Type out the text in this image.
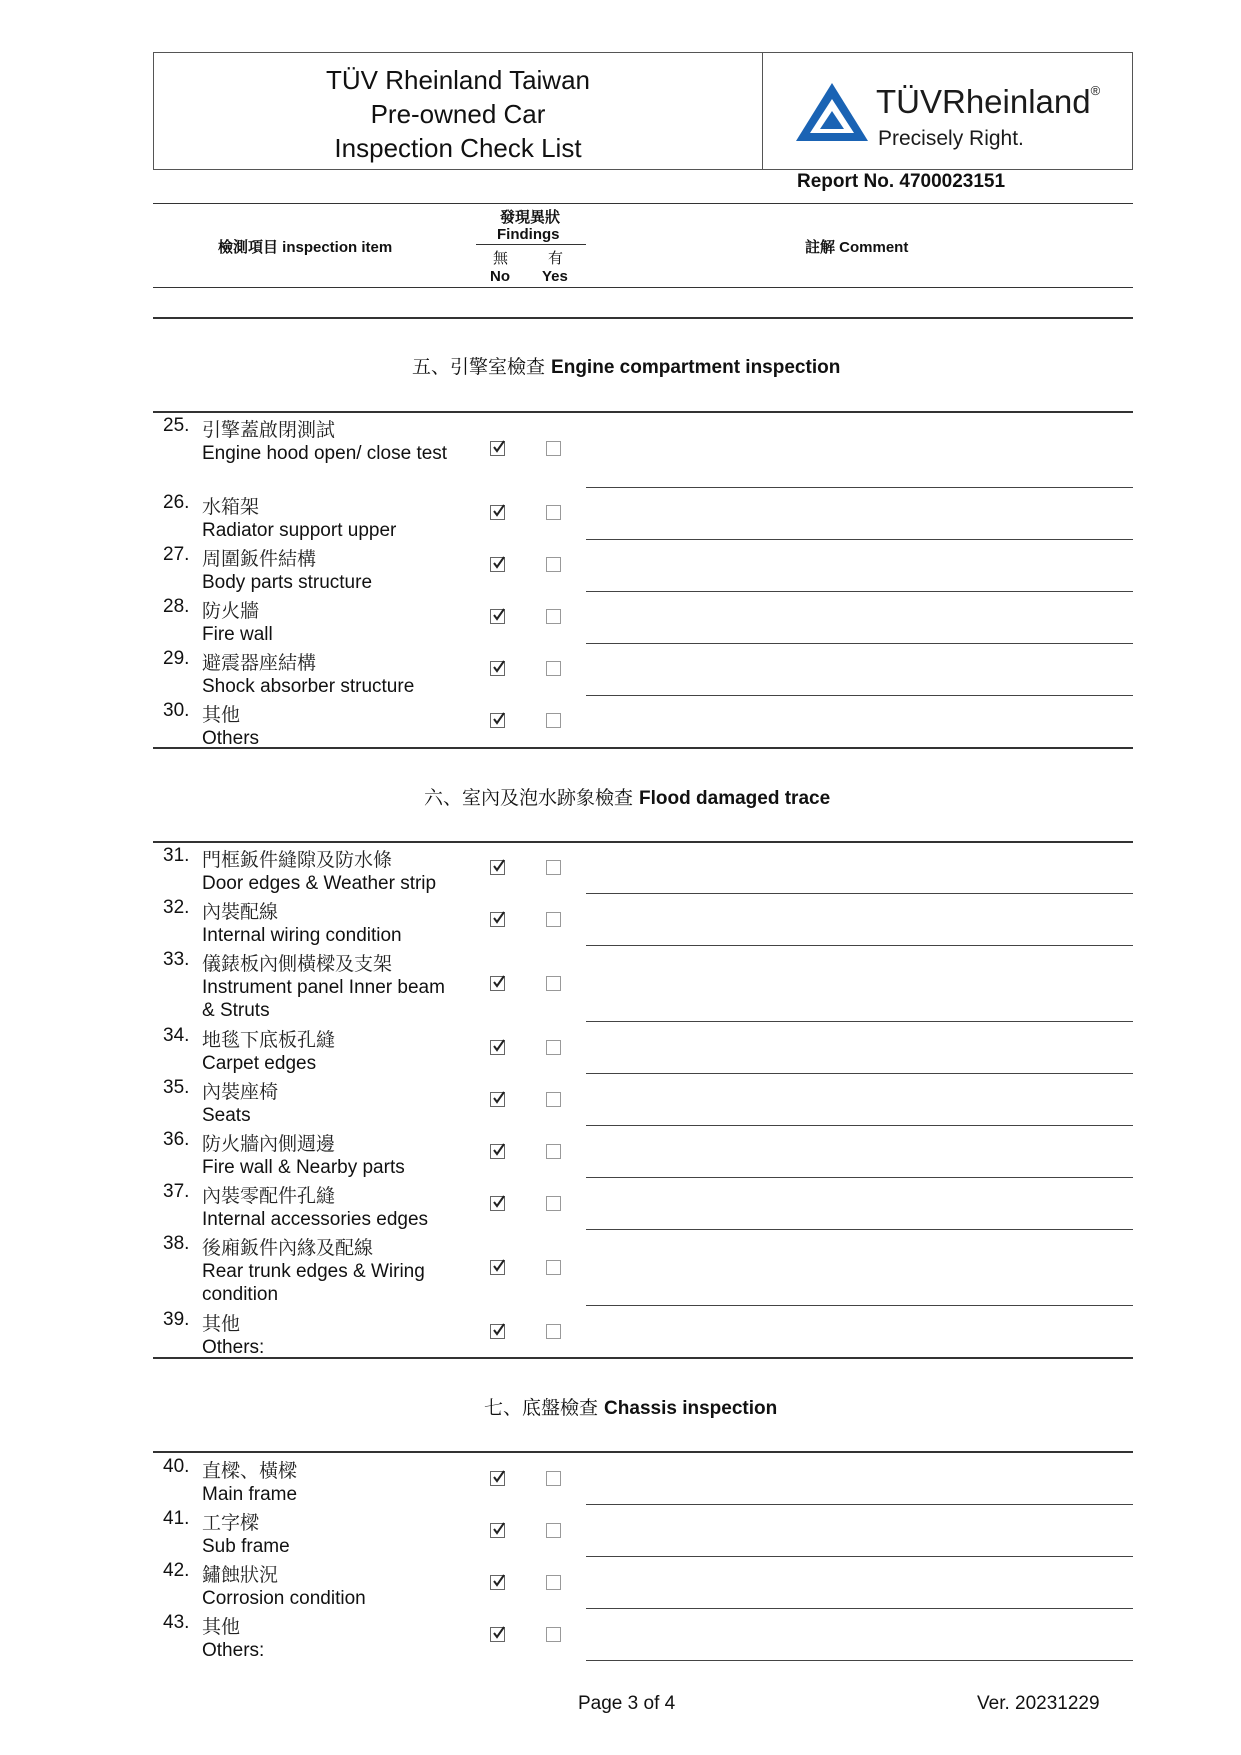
TÜV Rheinland Taiwan
Pre-owned Car
Inspection Check List
TÜVRheinland®
Precisely Right.
Report No. 4700023151
檢測項目 inspection item
發現異狀
Findings
無	有
No Yes
註解 Comment
五、引擎室檢查 Engine compartment inspection
25. 引擎蓋啟閉測試
Engine hood open/ close test
26. 水箱架
Radiator support upper
27. 周圍鈑件結構
Body parts structure
28. 防火牆
Fire wall
29. 避震器座結構
Shock absorber structure
30. 其他
Others
六、室內及泡水跡象檢查 Flood damaged trace
31. 門框鈑件縫隙及防水條
Door edges & Weather strip
32. 內裝配線
Internal wiring condition
33. 儀錶板內側橫樑及支架
Instrument panel Inner beam & Struts
34. 地毯下底板孔縫
Carpet edges
35. 內裝座椅
Seats
36. 防火牆內側週邊
Fire wall & Nearby parts
37. 內裝零配件孔縫
Internal accessories edges
38. 後廂鈑件內緣及配線
Rear trunk edges & Wiring condition
39. 其他
Others:
七、底盤檢查 Chassis inspection
40. 直樑、橫樑
Main frame
41. 工字樑
Sub frame
42. 鏽蝕狀況
Corrosion condition
43. 其他
Others:
Page 3 of 4	Ver. 20231229
